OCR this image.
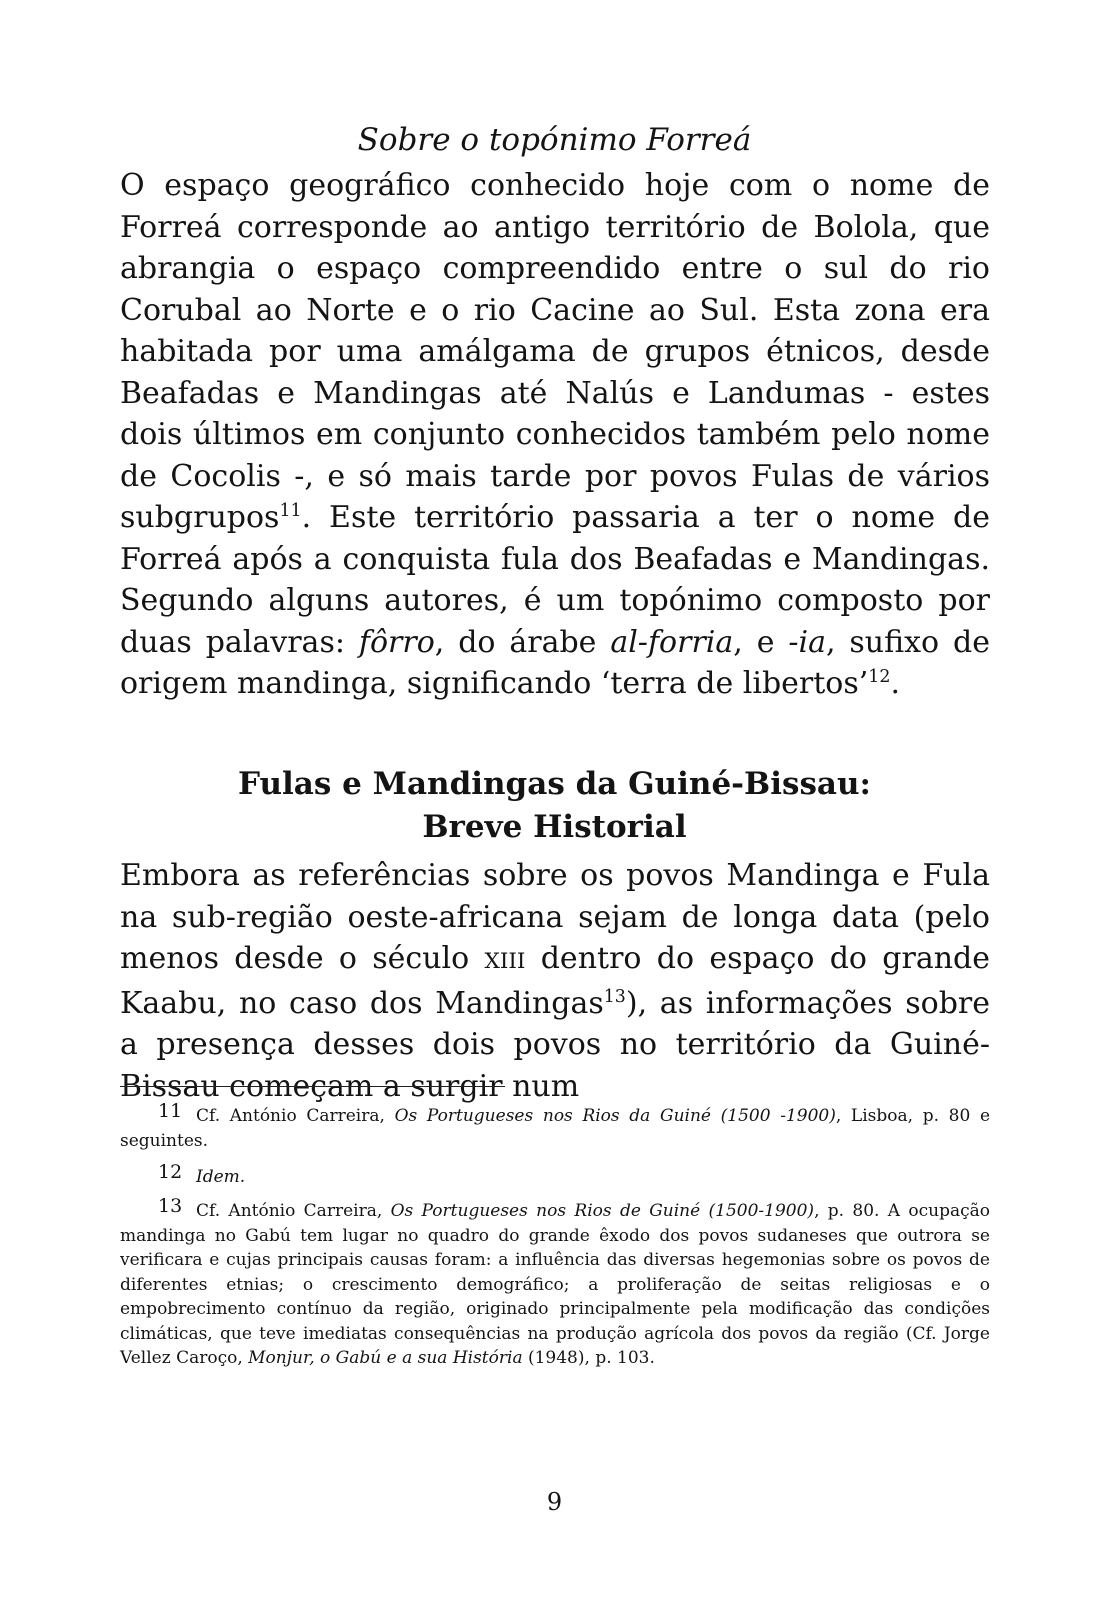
Sobre o topónimo Forreá

O espaço geográfico conhecido hoje com o nome de Forreá corresponde ao antigo território de Bolola, que abrangia o espaço compreendido entre o sul do rio Corubal ao Norte e o rio Cacine ao Sul. Esta zona era habitada por uma amálgama de grupos étnicos, desde Beafadas e Mandingas até Nalús e Landumas - estes dois últimos em conjunto conhecidos também pelo nome de Cocolis -, e só mais tarde por povos Fulas de vários subgrupos$^{11}$. Este território passaria a ter o nome de Forreá após a conquista fula dos Beafadas e Mandingas. Segundo alguns autores, é um topónimo composto por duas palavras: fôrro, do árabe al-forria, e -ia, sufixo de origem mandinga, significando ‘terra de libertos’$^{12}$.

Fulas e Mandingas da Guiné-Bissau:
Breve Historial

Embora as referências sobre os povos Mandinga e Fula na sub-região oeste-africana sejam de longa data (pelo menos desde o século XIII dentro do espaço do grande Kaabu, no caso dos Mandingas$^{13}$), as informações sobre a presença desses dois povos no território da Guiné-Bissau começam a surgir num

11 Cf. António Carreira, Os Portugueses nos Rios da Guiné (1500 -1900), Lisboa, p. 80 e seguintes.

12 Idem.

13 Cf. António Carreira, Os Portugueses nos Rios de Guiné (1500-1900), p. 80. A ocupação mandinga no Gabú tem lugar no quadro do grande êxodo dos povos sudaneses que outrora se verificara e cujas principais causas foram: a influência das diversas hegemonias sobre os povos de diferentes etnias; o crescimento demográfico; a proliferação de seitas religiosas e o empobrecimento contínuo da região, originado principalmente pela modificação das condições climáticas, que teve imediatas consequências na produção agrícola dos povos da região (Cf. Jorge Vellez Caroço, Monjur, o Gabú e a sua História (1948), p. 103.

9
